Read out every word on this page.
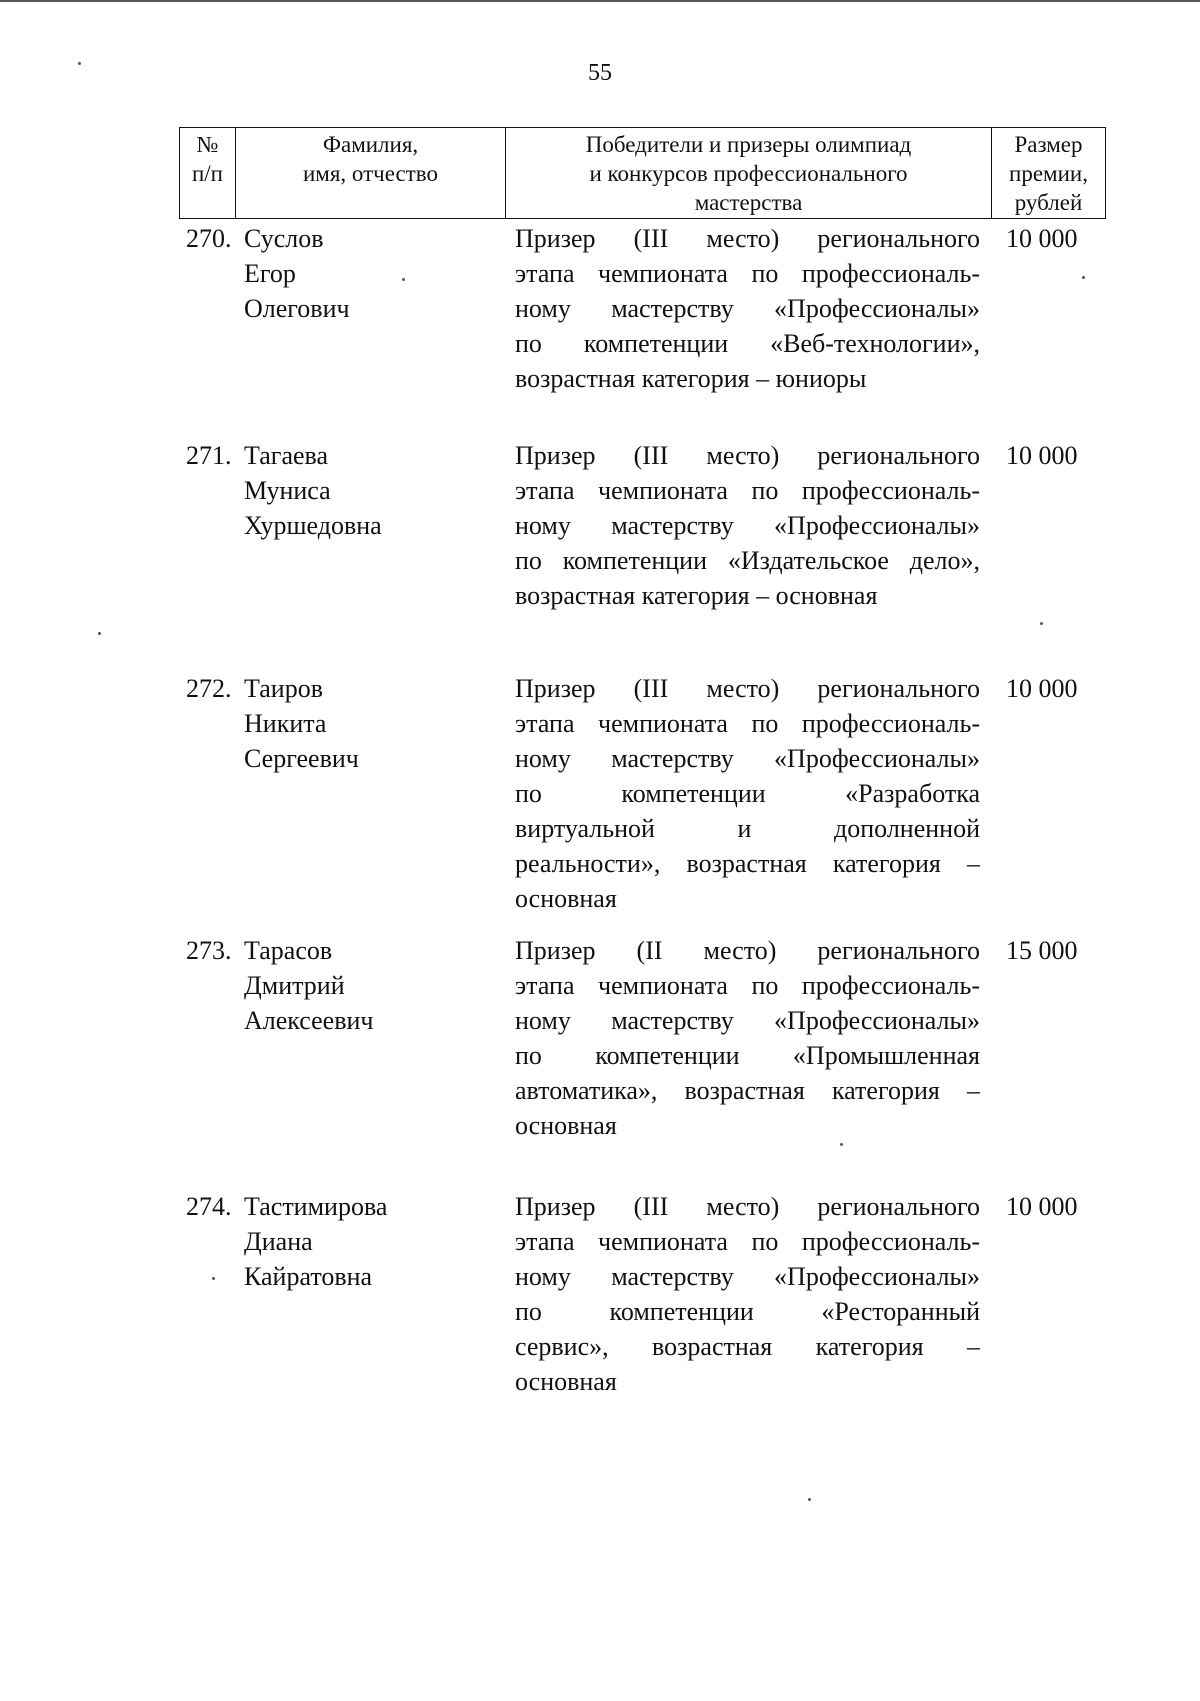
55
№
п/п
Фамилия,
имя, отчество
Победители и призеры олимпиад
и конкурсов профессионального
мастерства
Размер
премии,
рублей
270. Суслов
Егор
Олегович
Призер (III место) регионального
этапа чемпионата по профессиональ-
ному мастерству «Профессионалы»
по компетенции «Веб-технологии»,
возрастная категория – юниоры
10 000
271. Тагаева
Муниса
Хуршедовна
Призер (III место) регионального
этапа чемпионата по профессиональ-
ному мастерству «Профессионалы»
по компетенции «Издательское дело»,
возрастная категория – основная
10 000
272. Таиров
Никита
Сергеевич
Призер (III место) регионального
этапа чемпионата по профессиональ-
ному мастерству «Профессионалы»
по компетенции «Разработка
виртуальной и дополненной
реальности», возрастная категория –
основная
10 000
273. Тарасов
Дмитрий
Алексеевич
Призер (II место) регионального
этапа чемпионата по профессиональ-
ному мастерству «Профессионалы»
по компетенции «Промышленная
автоматика», возрастная категория –
основная
15 000
274. Тастимирова
Диана
Кайратовна
Призер (III место) регионального
этапа чемпионата по профессиональ-
ному мастерству «Профессионалы»
по компетенции «Ресторанный
сервис», возрастная категория –
основная
10 000
